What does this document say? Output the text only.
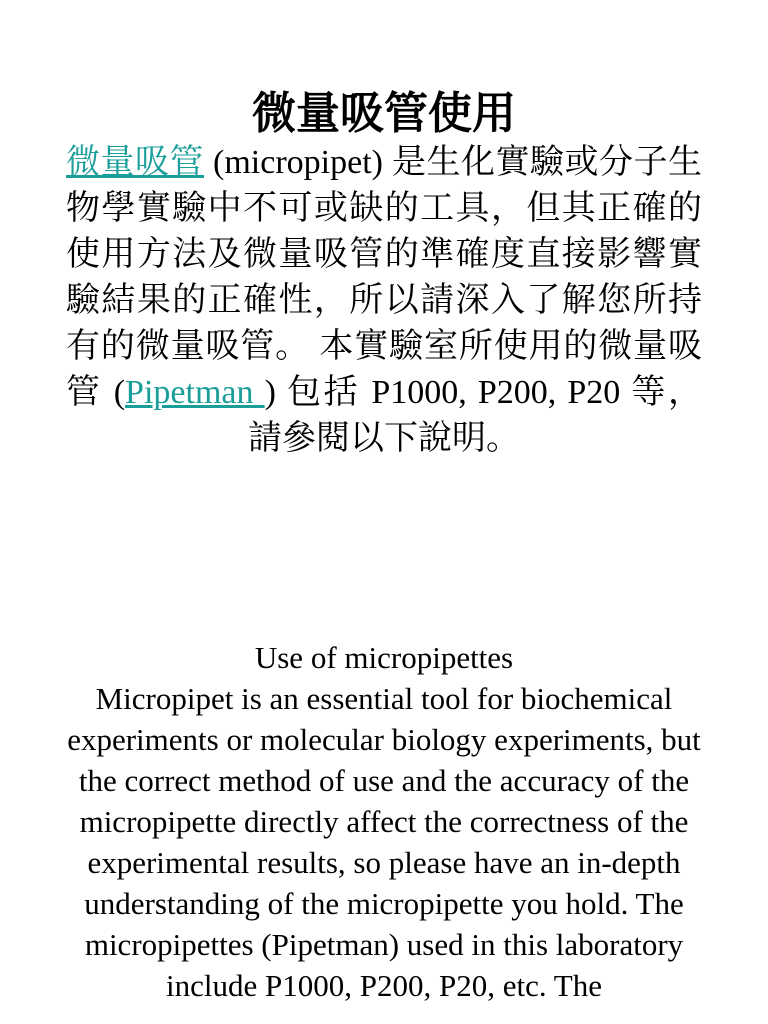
微量吸管使用

微量吸管 (micropipet) 是生化實驗或分子生物學實驗中不可或缺的工具，但其正確的使用方法及微量吸管的準確度直接影響實驗結果的正確性，所以請深入了解您所持有的微量吸管。 本實驗室所使用的微量吸管 (Pipetman ) 包括 P1000, P200, P20 等， 請參閱以下說明。

Use of micropipettes

Micropipet is an essential tool for biochemical experiments or molecular biology experiments, but the correct method of use and the accuracy of the micropipette directly affect the correctness of the experimental results, so please have an in-depth understanding of the micropipette you hold. The micropipettes (Pipetman) used in this laboratory include P1000, P200, P20, etc. The
